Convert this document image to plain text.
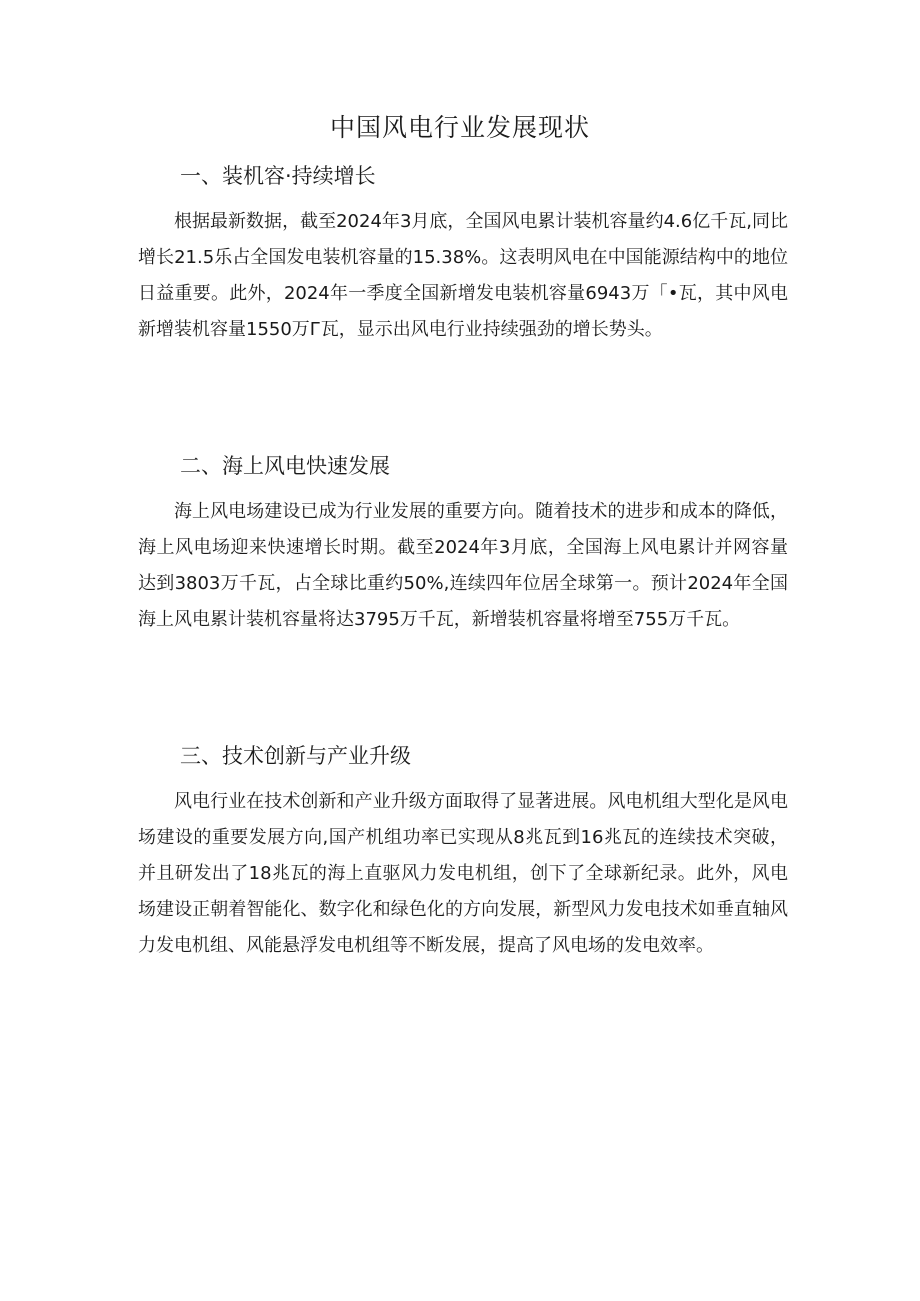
中国风电行业发展现状
一、装机容·持续增长

根据最新数据，截至2024年3月底，全国风电累计装机容量约4.6亿千瓦,同比增长21.5乐占全国发电装机容量的15.38%。这表明风电在中国能源结构中的地位日益重要。此外，2024年一季度全国新增发电装机容量6943万「•瓦，其中风电新增装机容量1550万Г瓦，显示出风电行业持续强劲的增长势头。

二、海上风电快速发展

海上风电场建设已成为行业发展的重要方向。随着技术的进步和成本的降低，海上风电场迎来快速增长时期。截至2024年3月底，全国海上风电累计并网容量达到3803万千瓦，占全球比重约50%,连续四年位居全球第一。预计2024年全国海上风电累计装机容量将达3795万千瓦，新增装机容量将增至755万千瓦。

三、技术创新与产业升级

风电行业在技术创新和产业升级方面取得了显著进展。风电机组大型化是风电场建设的重要发展方向,国产机组功率已实现从8兆瓦到16兆瓦的连续技术突破，并且研发出了18兆瓦的海上直驱风力发电机组，创下了全球新纪录。此外，风电场建设正朝着智能化、数字化和绿色化的方向发展，新型风力发电技术如垂直轴风力发电机组、风能悬浮发电机组等不断发展，提高了风电场的发电效率。
